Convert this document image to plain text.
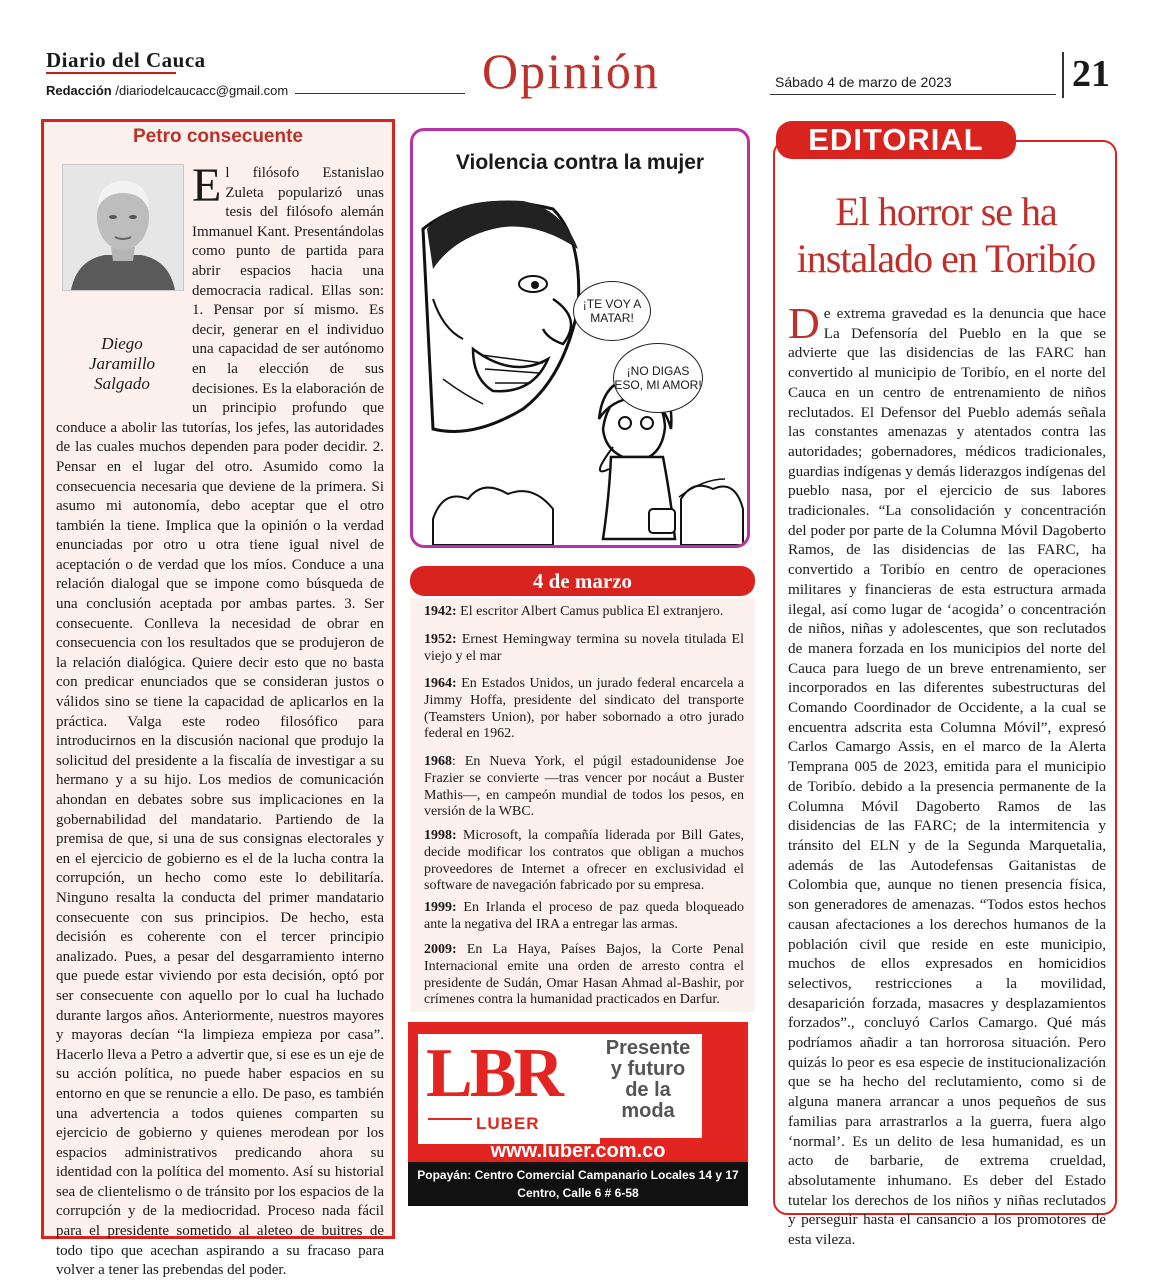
Diario del Cauca
Redacción /diariodelcaucacc@gmail.com	Opinión	Sábado 4 de marzo de 2023	21
Petro consecuente
Diego
Jaramillo
Salgado
El filósofo Estanislao Zuleta popularizó unas tesis del filósofo alemán Immanuel Kant. Presentándolas como punto de partida para abrir espacios hacia una democracia radical. Ellas son: 1. Pensar por sí mismo. Es decir, generar en el individuo una capacidad de ser autónomo en la elección de sus decisiones. Es la elaboración de un principio profundo que conduce a abolir las tutorías, los jefes, las autoridades de las cuales muchos dependen para poder decidir. 2. Pensar en el lugar del otro. Asumido como la consecuencia necesaria que deviene de la primera. Si asumo mi autonomía, debo aceptar que el otro también la tiene. Implica que la opinión o la verdad enunciadas por otro u otra tiene igual nivel de aceptación o de verdad que los míos. Conduce a una relación dialogal que se impone como búsqueda de una conclusión aceptada por ambas partes. 3. Ser consecuente. Conlleva la necesidad de obrar en consecuencia con los resultados que se produjeron de la relación dialógica. Quiere decir esto que no basta con predicar enunciados que se consideran justos o válidos sino se tiene la capacidad de aplicarlos en la práctica. Valga este rodeo filosófico para introducirnos en la discusión nacional que produjo la solicitud del presidente a la fiscalía de investigar a su hermano y a su hijo. Los medios de comunicación ahondan en debates sobre sus implicaciones en la gobernabilidad del mandatario. Partiendo de la premisa de que, si una de sus consignas electorales y en el ejercicio de gobierno es el de la lucha contra la corrupción, un hecho como este lo debilitaría. Ninguno resalta la conducta del primer mandatario consecuente con sus principios. De hecho, esta decisión es coherente con el tercer principio analizado. Pues, a pesar del desgarramiento interno que puede estar viviendo por esta decisión, optó por ser consecuente con aquello por lo cual ha luchado durante largos años. Anteriormente, nuestros mayores y mayoras decían “la limpieza empieza por casa”. Hacerlo lleva a Petro a advertir que, si ese es un eje de su acción política, no puede haber espacios en su entorno en que se renuncie a ello. De paso, es también una advertencia a todos quienes comparten su ejercicio de gobierno y quienes merodean por los espacios administrativos predicando ahora su identidad con la política del momento. Así su historial sea de clientelismo o de tránsito por los espacios de la corrupción y de la mediocridad. Proceso nada fácil para el presidente sometido al aleteo de buitres de todo tipo que acechan aspirando a su fracaso para volver a tener las prebendas del poder.
Violencia contra la mujer
¡TE VOY A MATAR!
¡NO DIGAS ESO, MI AMOR!
4 de marzo
1942: El escritor Albert Camus publica El extranjero.
1952: Ernest Hemingway termina su novela titulada El viejo y el mar
1964: En Estados Unidos, un jurado federal encarcela a Jimmy Hoffa, presidente del sindicato del transporte (Teamsters Union), por haber sobornado a otro jurado federal en 1962.
1968: En Nueva York, el púgil estadounidense Joe Frazier se convierte —tras vencer por nocáut a Buster Mathis—, en campeón mundial de todos los pesos, en versión de la WBC.
1998: Microsoft, la compañía liderada por Bill Gates, decide modificar los contratos que obligan a muchos proveedores de Internet a ofrecer en exclusividad el software de navegación fabricado por su empresa.
1999: En Irlanda el proceso de paz queda bloqueado ante la negativa del IRA a entregar las armas.
2009: En La Haya, Países Bajos, la Corte Penal Internacional emite una orden de arresto contra el presidente de Sudán, Omar Hasan Ahmad al-Bashir, por crímenes contra la humanidad practicados en Darfur.
LBR
LUBER
Presente
y futuro
de la
moda
www.luber.com.co
Popayán: Centro Comercial Campanario Locales 14 y 17
Centro, Calle 6 # 6-58
EDITORIAL
El horror se ha
instalado en Toribío
De extrema gravedad es la denuncia que hace La Defensoría del Pueblo en la que se advierte que las disidencias de las FARC han convertido al municipio de Toribío, en el norte del Cauca en un centro de entrenamiento de niños reclutados. El Defensor del Pueblo además señala las constantes amenazas y atentados contra las autoridades; gobernadores, médicos tradicionales, guardias indígenas y demás liderazgos indígenas del pueblo nasa, por el ejercicio de sus labores tradicionales. “La consolidación y concentración del poder por parte de la Columna Móvil Dagoberto Ramos, de las disidencias de las FARC, ha convertido a Toribío en centro de operaciones militares y financieras de esta estructura armada ilegal, así como lugar de ‘acogida’ o concentración de niños, niñas y adolescentes, que son reclutados de manera forzada en los municipios del norte del Cauca para luego de un breve entrenamiento, ser incorporados en las diferentes subestructuras del Comando Coordinador de Occidente, a la cual se encuentra adscrita esta Columna Móvil”, expresó Carlos Camargo Assis, en el marco de la Alerta Temprana 005 de 2023, emitida para el municipio de Toribío. debido a la presencia permanente de la Columna Móvil Dagoberto Ramos de las disidencias de las FARC; de la intermitencia y tránsito del ELN y de la Segunda Marquetalia, además de las Autodefensas Gaitanistas de Colombia que, aunque no tienen presencia física, son generadores de amenazas. “Todos estos hechos causan afectaciones a los derechos humanos de la población civil que reside en este municipio, muchos de ellos expresados en homicidios selectivos, restricciones a la movilidad, desaparición forzada, masacres y desplazamientos forzados”., concluyó Carlos Camargo. Qué más podríamos añadir a tan horrorosa situación. Pero quizás lo peor es esa especie de institucionalización que se ha hecho del reclutamiento, como si de alguna manera arrancar a unos pequeños de sus familias para arrastrarlos a la guerra, fuera algo ‘normal’. Es un delito de lesa humanidad, es un acto de barbarie, de extrema crueldad, absolutamente inhumano. Es deber del Estado tutelar los derechos de los niños y niñas reclutados y perseguir hasta el cansancio a los promotores de esta vileza.
